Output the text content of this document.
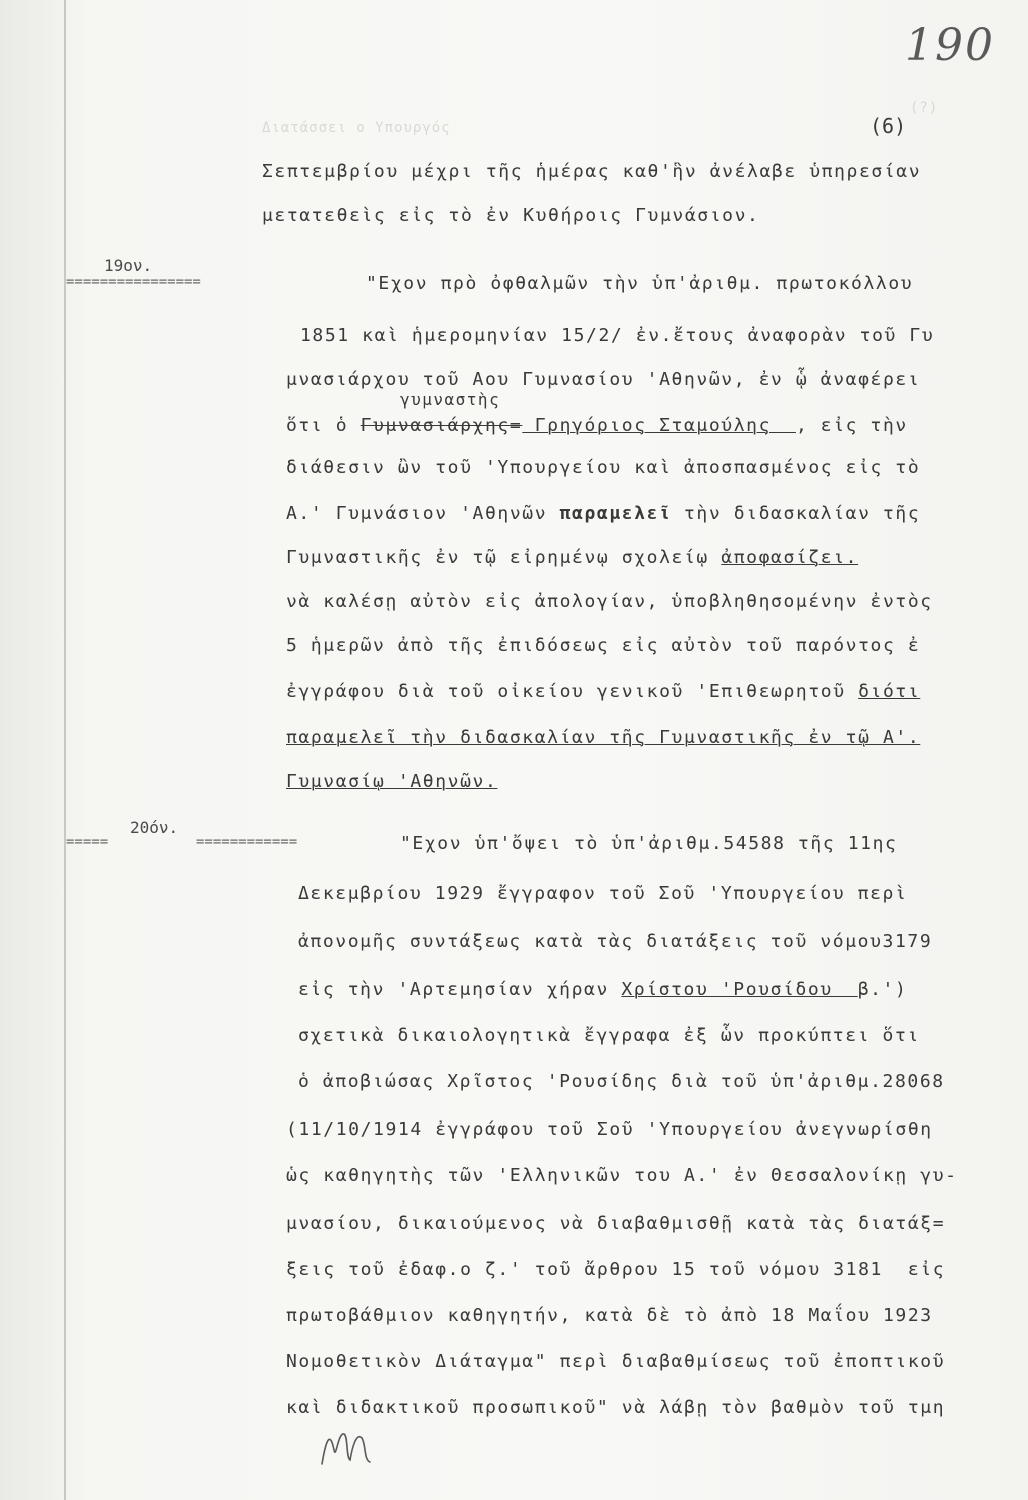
Διατάσσει ο Υπουργός
(?)
190
(6)
Σεπτεμβρίου μέχρι τῆς ἡμέρας καθ'ἣν ἀνέλαβε ὑπηρεσίαν
μετατεθεὶς εἰς τὸ ἐν Κυθήροις Γυμνάσιον.
19ον.
================	"Εχον πρὸ ὀφθαλμῶν τὴν ὑπ'ἀριθμ. πρωτοκόλλου
1851 καὶ ἡμερομηνίαν 15/2/ ἐν.ἔτους ἀναφορὰν τοῦ Γυ
μνασιάρχου τοῦ Αου Γυμνασίου 'Αθηνῶν, ἐν ᾧ ἀναφέρει
γυμναστὴς
ὅτι ὁ Γυμνασιάρχης= Γρηγόριος Σταμούλης  , εἰς τὴν
διάθεσιν ὢν τοῦ 'Υπουργείου καὶ ἀποσπασμένος εἰς τὸ
Α.' Γυμνάσιον 'Αθηνῶν παραμελεῖ τὴν διδασκαλίαν τῆς
Γυμναστικῆς ἐν τῷ εἰρημένῳ σχολείῳ ἀποφασίζει.
νὰ καλέσῃ αὐτὸν εἰς ἀπολογίαν, ὑποβληθησομένην ἐντὸς
5 ἡμερῶν ἀπὸ τῆς ἐπιδόσεως εἰς αὐτὸν τοῦ παρόντος ἐ
ἐγγράφου διὰ τοῦ οἰκείου γενικοῦ 'Επιθεωρητοῦ διότι
παραμελεῖ τὴν διδασκαλίαν τῆς Γυμναστικῆς ἐν τῷ Α'.
Γυμνασίῳ 'Αθηνῶν.
20όν.
=====	============	"Εχον ὑπ'ὄψει τὸ ὑπ'ἀριθμ.54588 τῆς 11ης
Δεκεμβρίου 1929 ἔγγραφον τοῦ Σοῦ 'Υπουργείου περὶ
ἀπονομῆς συντάξεως κατὰ τὰς διατάξεις τοῦ νόμου3179
εἰς τὴν 'Αρτεμησίαν χήραν Χρίστου 'Ρουσίδου  β.')
σχετικὰ δικαιολογητικὰ ἔγγραφα ἐξ ὧν προκύπτει ὅτι
ὁ ἀποβιώσας Χρῖστος 'Ρουσίδης διὰ τοῦ ὑπ'ἀριθμ.28068
(11/10/1914 ἐγγράφου τοῦ Σοῦ 'Υπουργείου ἀνεγνωρίσθη
ὡς καθηγητὴς τῶν 'Ελληνικῶν του Α.' ἐν Θεσσαλονίκῃ γυ-
μνασίου, δικαιούμενος νὰ διαβαθμισθῇ κατὰ τὰς διατάξ=
ξεις τοῦ ἐδαφ.ο ζ.' τοῦ ἄρθρου 15 τοῦ νόμου 3181  εἰς
πρωτοβάθμιον καθηγητήν, κατὰ δὲ τὸ ἀπὸ 18 Μαΐου 1923
Νομοθετικὸν Διάταγμα" περὶ διαβαθμίσεως τοῦ ἐποπτικοῦ
καὶ διδακτικοῦ προσωπικοῦ" νὰ λάβῃ τὸν βαθμὸν τοῦ τμη
